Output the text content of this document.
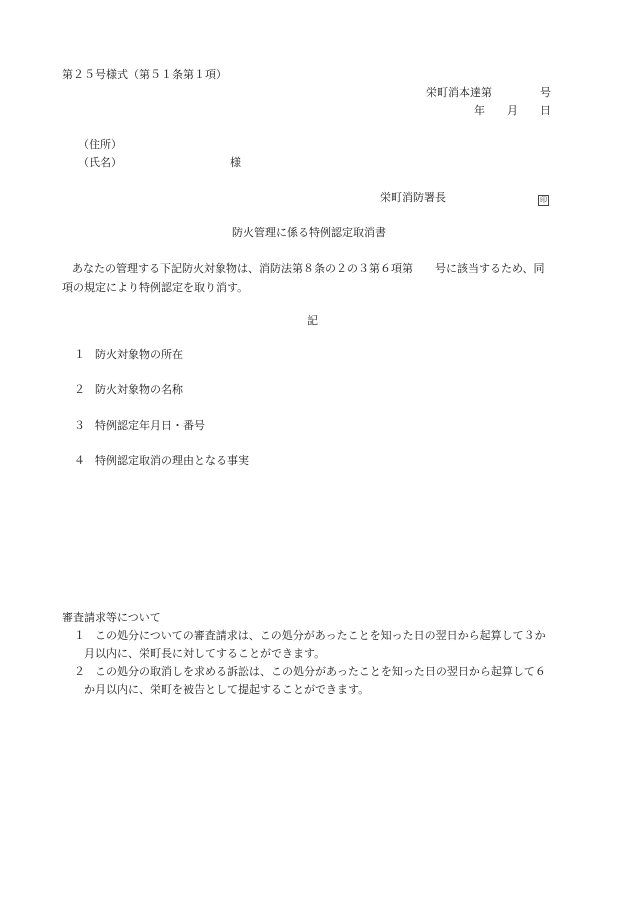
第２５号様式（第５１条第１項）
栄町消本達第	号
年 月 日
（住所）
（氏名）	様
栄町消防署長	印
防火管理に係る特例認定取消書
あなたの管理する下記防火対象物は、消防法第８条の２の３第６項第　　号に該当するため、同
項の規定により特例認定を取り消す。
記
１ 防火対象物の所在
２ 防火対象物の名称
３ 特例認定年月日・番号
４ 特例認定取消の理由となる事実
審査請求等について
１ この処分についての審査請求は、この処分があったことを知った日の翌日から起算して３か
月以内に、栄町長に対してすることができます。
２ この処分の取消しを求める訴訟は、この処分があったことを知った日の翌日から起算して６
か月以内に、栄町を被告として提起することができます。
